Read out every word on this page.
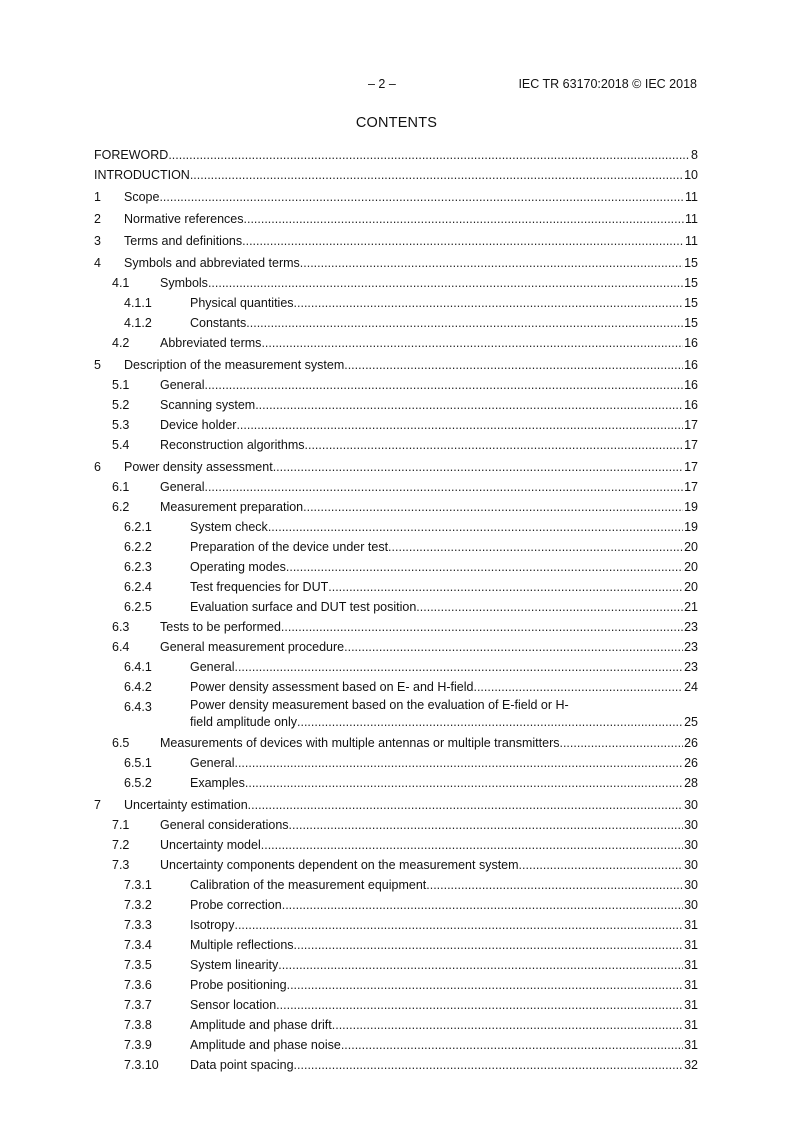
– 2 –	IEC TR 63170:2018 © IEC 2018
CONTENTS
FOREWORD .....	8
INTRODUCTION .....	10
1 Scope .....	11
2 Normative references .....	11
3 Terms and definitions .....	11
4 Symbols and abbreviated terms .....	15
4.1 Symbols .....	15
4.1.1	Physical quantities .....	15
4.1.2	Constants .....	15
4.2 Abbreviated terms .....	16
5 Description of the measurement system .....	16
5.1 General .....	16
5.2 Scanning system .....	16
5.3 Device holder .....	17
5.4 Reconstruction algorithms .....	17
6 Power density assessment .....	17
6.1 General .....	17
6.2 Measurement preparation .....	19
6.2.1	System check .....	19
6.2.2	Preparation of the device under test .....	20
6.2.3	Operating modes .....	20
6.2.4	Test frequencies for DUT .....	20
6.2.5	Evaluation surface and DUT test position .....	21
6.3 Tests to be performed .....	23
6.4 General measurement procedure .....	23
6.4.1	General .....	23
6.4.2	Power density assessment based on E- and H-field .....	24
6.4.3	Power density measurement based on the evaluation of E-field or H-
field amplitude only .....	25
6.5 Measurements of devices with multiple antennas or multiple transmitters .....	26
6.5.1	General .....	26
6.5.2	Examples .....	28
7 Uncertainty estimation .....	30
7.1 General considerations .....	30
7.2 Uncertainty model .....	30
7.3 Uncertainty components dependent on the measurement system .....	30
7.3.1	Calibration of the measurement equipment .....	30
7.3.2	Probe correction .....	30
7.3.3	Isotropy .....	31
7.3.4	Multiple reflections .....	31
7.3.5	System linearity .....	31
7.3.6	Probe positioning .....	31
7.3.7	Sensor location .....	31
7.3.8	Amplitude and phase drift .....	31
7.3.9	Amplitude and phase noise .....	31
7.3.10 Data point spacing .....	32
